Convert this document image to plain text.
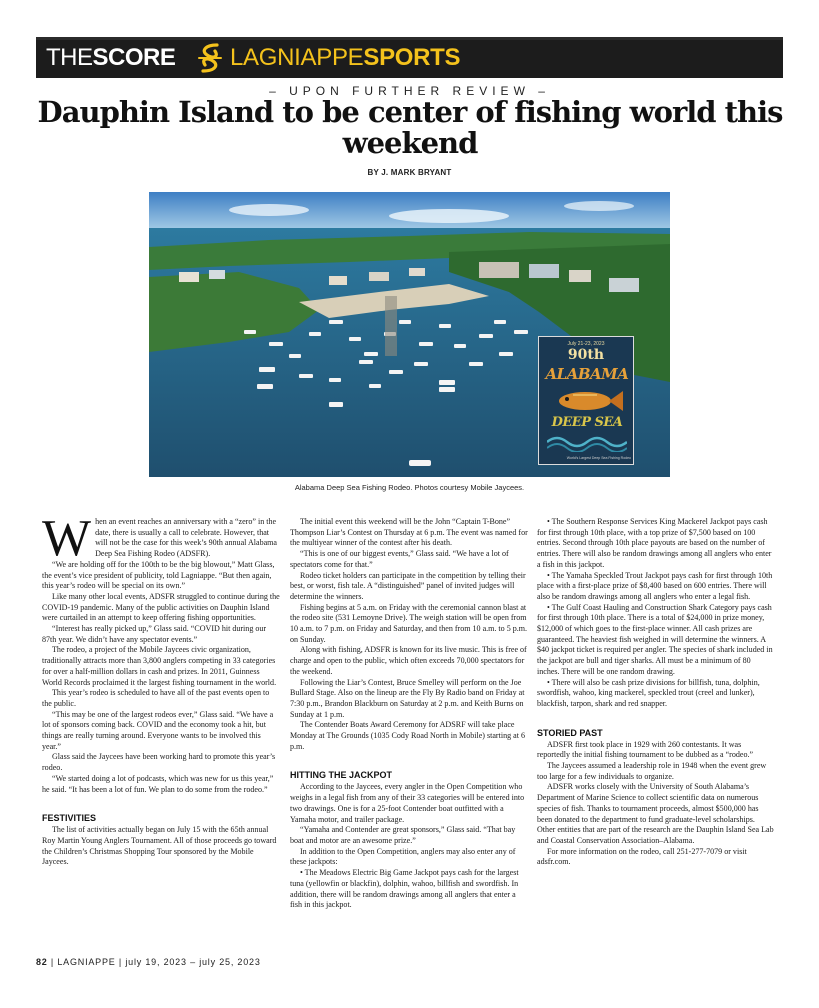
THESCORE LAGNIAPPESPORTS
– UPON FURTHER REVIEW –
Dauphin Island to be center of fishing world this weekend
BY J. MARK BRYANT
July 21-23, 2023
90th
ALABAMA
DEEP SEA
World's Largest Deep Sea Fishing Rodeo
Alabama Deep Sea Fishing Rodeo. Photos courtesy Mobile Jaycees.

When an event reaches an anniversary with a “zero” in the date, there is usually a call to celebrate. However, that will not be the case for this week’s 90th annual Alabama Deep Sea Fishing Rodeo (ADSFR).

“We are holding off for the 100th to be the big blowout,” Matt Glass, the event’s vice president of publicity, told Lagniappe. “But then again, this year’s rodeo will be special on its own.”

Like many other local events, ADSFR struggled to continue during the COVID-19 pandemic. Many of the public activities on Dauphin Island were curtailed in an attempt to keep offering fishing opportunities.

“Interest has really picked up,” Glass said. “COVID hit during our 87th year. We didn’t have any spectator events.”

The rodeo, a project of the Mobile Jaycees civic organization, traditionally attracts more than 3,800 anglers competing in 33 categories for over a half-million dollars in cash and prizes. In 2011, Guinness World Records proclaimed it the largest fishing tournament in the world.

This year’s rodeo is scheduled to have all of the past events open to the public.

“This may be one of the largest rodeos ever,” Glass said. “We have a lot of sponsors coming back. COVID and the economy took a hit, but things are really turning around. Everyone wants to be involved this year.”

Glass said the Jaycees have been working hard to promote this year’s rodeo.

“We started doing a lot of podcasts, which was new for us this year,” he said. “It has been a lot of fun. We plan to do some from the rodeo.”

FESTIVITIES

The list of activities actually began on July 15 with the 65th annual Roy Martin Young Anglers Tournament. All of those proceeds go toward the Children’s Christmas Shopping Tour sponsored by the Mobile Jaycees.

The initial event this weekend will be the John “Captain T-Bone” Thompson Liar’s Contest on Thursday at 6 p.m. The event was named for the multiyear winner of the contest after his death.

“This is one of our biggest events,” Glass said. “We have a lot of spectators come for that.”

Rodeo ticket holders can participate in the competition by telling their best, or worst, fish tale. A “distinguished” panel of invited judges will determine the winners.

Fishing begins at 5 a.m. on Friday with the ceremonial cannon blast at the rodeo site (531 Lemoyne Drive). The weigh station will be open from 10 a.m. to 7 p.m. on Friday and Saturday, and then from 10 a.m. to 5 p.m. on Sunday.

Along with fishing, ADSFR is known for its live music. This is free of charge and open to the public, which often exceeds 70,000 spectators for the weekend.

Following the Liar’s Contest, Bruce Smelley will perform on the Joe Bullard Stage. Also on the lineup are the Fly By Radio band on Friday at 7:30 p.m., Brandon Blackburn on Saturday at 2 p.m. and Keith Burns on Sunday at 1 p.m.

The Contender Boats Award Ceremony for ADSRF will take place Monday at The Grounds (1035 Cody Road North in Mobile) starting at 6 p.m.

HITTING THE JACKPOT

According to the Jaycees, every angler in the Open Competition who weighs in a legal fish from any of their 33 categories will be entered into two drawings. One is for a 25-foot Contender boat outfitted with a Yamaha motor, and trailer package.

“Yamaha and Contender are great sponsors,” Glass said. “That bay boat and motor are an awesome prize.”

In addition to the Open Competition, anglers may also enter any of these jackpots:

• The Meadows Electric Big Game Jackpot pays cash for the largest tuna (yellowfin or blackfin), dolphin, wahoo, billfish and swordfish. In addition, there will be random drawings among all anglers that enter a fish in this jackpot.

• The Southern Response Services King Mackerel Jackpot pays cash for first through 10th place, with a top prize of $7,500 based on 100 entries. Second through 10th place payouts are based on the number of entries. There will also be random drawings among all anglers who enter a fish in this jackpot.

• The Yamaha Speckled Trout Jackpot pays cash for first through 10th place with a first-place prize of $8,400 based on 600 entries. There will also be random drawings among all anglers who enter a legal fish.

• The Gulf Coast Hauling and Construction Shark Category pays cash for first through 10th place. There is a total of $24,000 in prize money, $12,000 of which goes to the first-place winner. All cash prizes are guaranteed. The heaviest fish weighed in will determine the winners. A $40 jackpot ticket is required per angler. The species of shark included in the jackpot are bull and tiger sharks. All must be a minimum of 80 inches. There will be one random drawing.

• There will also be cash prize divisions for billfish, tuna, dolphin, swordfish, wahoo, king mackerel, speckled trout (creel and lunker), blackfish, tarpon, shark and red snapper.

STORIED PAST

ADSFR first took place in 1929 with 260 contestants. It was reportedly the initial fishing tournament to be dubbed as a “rodeo.”

The Jaycees assumed a leadership role in 1948 when the event grew too large for a few individuals to organize.

ADSFR works closely with the University of South Alabama’s Department of Marine Science to collect scientific data on numerous species of fish. Thanks to tournament proceeds, almost $500,000 has been donated to the department to fund graduate-level scholarships. Other entities that are part of the research are the Dauphin Island Sea Lab and Coastal Conservation Association–Alabama.

For more information on the rodeo, call 251-277-7079 or visit adsfr.com.

82 | LAGNIAPPE | july 19, 2023 – july 25, 2023
